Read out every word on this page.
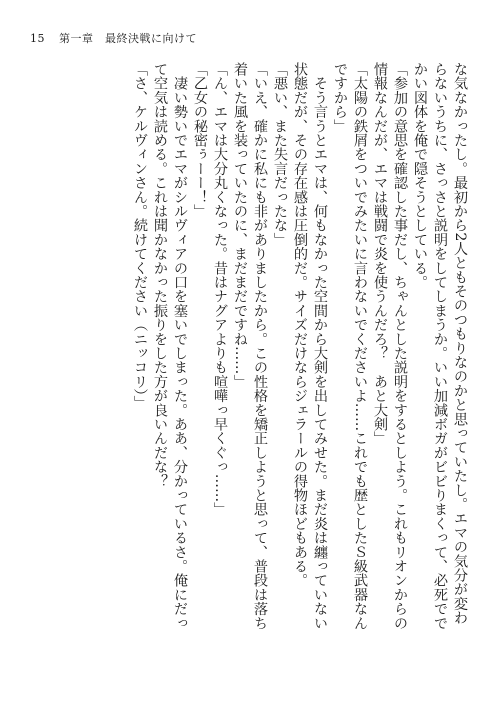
15 第一章　最終決戦に向けて

な気なかったし。最初から2人ともそのつもりなのかと思っていたし。エマの気分が変わ

らないうちに、さっさと説明をしてしまうか。いい加減ボガがビビりまくって、必死でで

かい図体を俺で隠そうとしている。

「参加の意思を確認した事だし、ちゃんとした説明をするとしよう。これもリオンからの

情報なんだが、エマは戦闘で炎を使うんだろ？　あと大剣」

「太陽の鉄屑をついでみたいに言わないでくださいよ……これでも歴としたＳ級武器なん

ですから」

　そう言うとエマは、何もなかった空間から大剣を出してみせた。まだ炎は纏っていない

状態だが、その存在感は圧倒的だ。サイズだけならジェラールの得物ほどもある。

「悪い、また失言だったな」

「いえ、確かに私にも非がありましたから。この性格を矯正しようと思って、普段は落ち

着いた風を装っていたのに、まだまだですね……」

「ん、エマは大分丸くなった。昔はナグアよりも喧嘩っ早くぐっ……」

「乙女の秘密ぅーー！」

　凄い勢いでエマがシルヴィアの口を塞いでしまった。ああ、分かっているさ。俺にだっ

て空気は読める。これは聞かなかった振りをした方が良いんだな？

「さ、ケルヴィンさん。続けてください（ニッコリ）」
